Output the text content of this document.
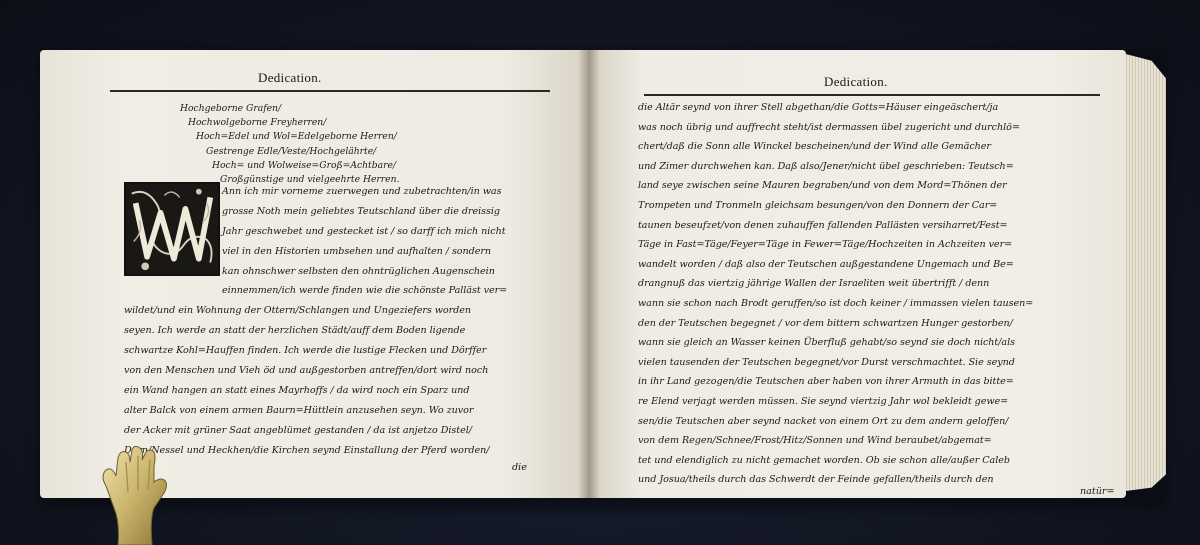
Dedication.
Hochgeborne Grafen/
Hochwolgeborne Freyherren/
Hoch=Edel und Wol=Edelgeborne Herren/
Gestrenge Edle/Veste/Hochgelährte/
Hoch= und Wolweise=Groß=Achtbare/
Großgünstige und vielgeehrte Herren.
Ann ich mir vorneme zuerwegen und zubetrachten/in was
grosse Noth mein geliebtes Teutschland über die dreissig
Jahr geschwebet und gestecket ist / so darff ich mich nicht
viel in den Historien umbsehen und aufhalten / sondern
kan ohnschwer selbsten den ohntrüglichen Augenschein
einnemmen/ich werde finden wie die schönste Palläst ver=
wildet/und ein Wohnung der Ottern/Schlangen und Ungeziefers worden
seyen. Ich werde an statt der herzlichen Städt/auff dem Boden ligende
schwartze Kohl=Hauffen finden. Ich werde die lustige Flecken und Dörffer
von den Menschen und Vieh öd und außgestorben antreffen/dort wird noch
ein Wand hangen an statt eines Mayrhoffs / da wird noch ein Sparz und
alter Balck von einem armen Baurn=Hüttlein anzusehen seyn. Wo zuvor
der Acker mit grüner Saat angeblümet gestanden / da ist anjetzo Distel/
Dorn/Nessel und Heckhen/die Kirchen seynd Einstallung der Pferd worden/
die
Dedication.
die Altär seynd von ihrer Stell abgethan/die Gotts=Häuser eingeäschert/ja
was noch übrig und auffrecht steht/ist dermassen übel zugericht und durchlö=
chert/daß die Sonn alle Winckel bescheinen/und der Wind alle Gemächer
und Zimer durchwehen kan. Daß also/Jener/nicht übel geschrieben: Teutsch=
land seye zwischen seine Mauren begraben/und von dem Mord=Thönen der
Trompeten und Tronmeln gleichsam besungen/von den Donnern der Car=
taunen beseufzet/von denen zuhauffen fallenden Pallästen versiharret/Fest=
Täge in Fast=Täge/Feyer=Täge in Fewer=Täge/Hochzeiten in Achzeiten ver=
wandelt worden / daß also der Teutschen außgestandene Ungemach und Be=
drangnuß das viertzig jährige Wallen der Israeliten weit übertrifft / denn
wann sie schon nach Brodt geruffen/so ist doch keiner / immassen vielen tausen=
den der Teutschen begegnet / vor dem bittern schwartzen Hunger gestorben/
wann sie gleich an Wasser keinen Überfluß gehabt/so seynd sie doch nicht/als
vielen tausenden der Teutschen begegnet/vor Durst verschmachtet. Sie seynd
in ihr Land gezogen/die Teutschen aber haben von ihrer Armuth in das bitte=
re Elend verjagt werden müssen. Sie seynd viertzig Jahr wol bekleidt gewe=
sen/die Teutschen aber seynd nacket von einem Ort zu dem andern geloffen/
von dem Regen/Schnee/Frost/Hitz/Sonnen und Wind beraubet/abgemat=
tet und elendiglich zu nicht gemachet worden. Ob sie schon alle/außer Caleb
und Josua/theils durch das Schwerdt der Feinde gefallen/theils durch den
natür=
